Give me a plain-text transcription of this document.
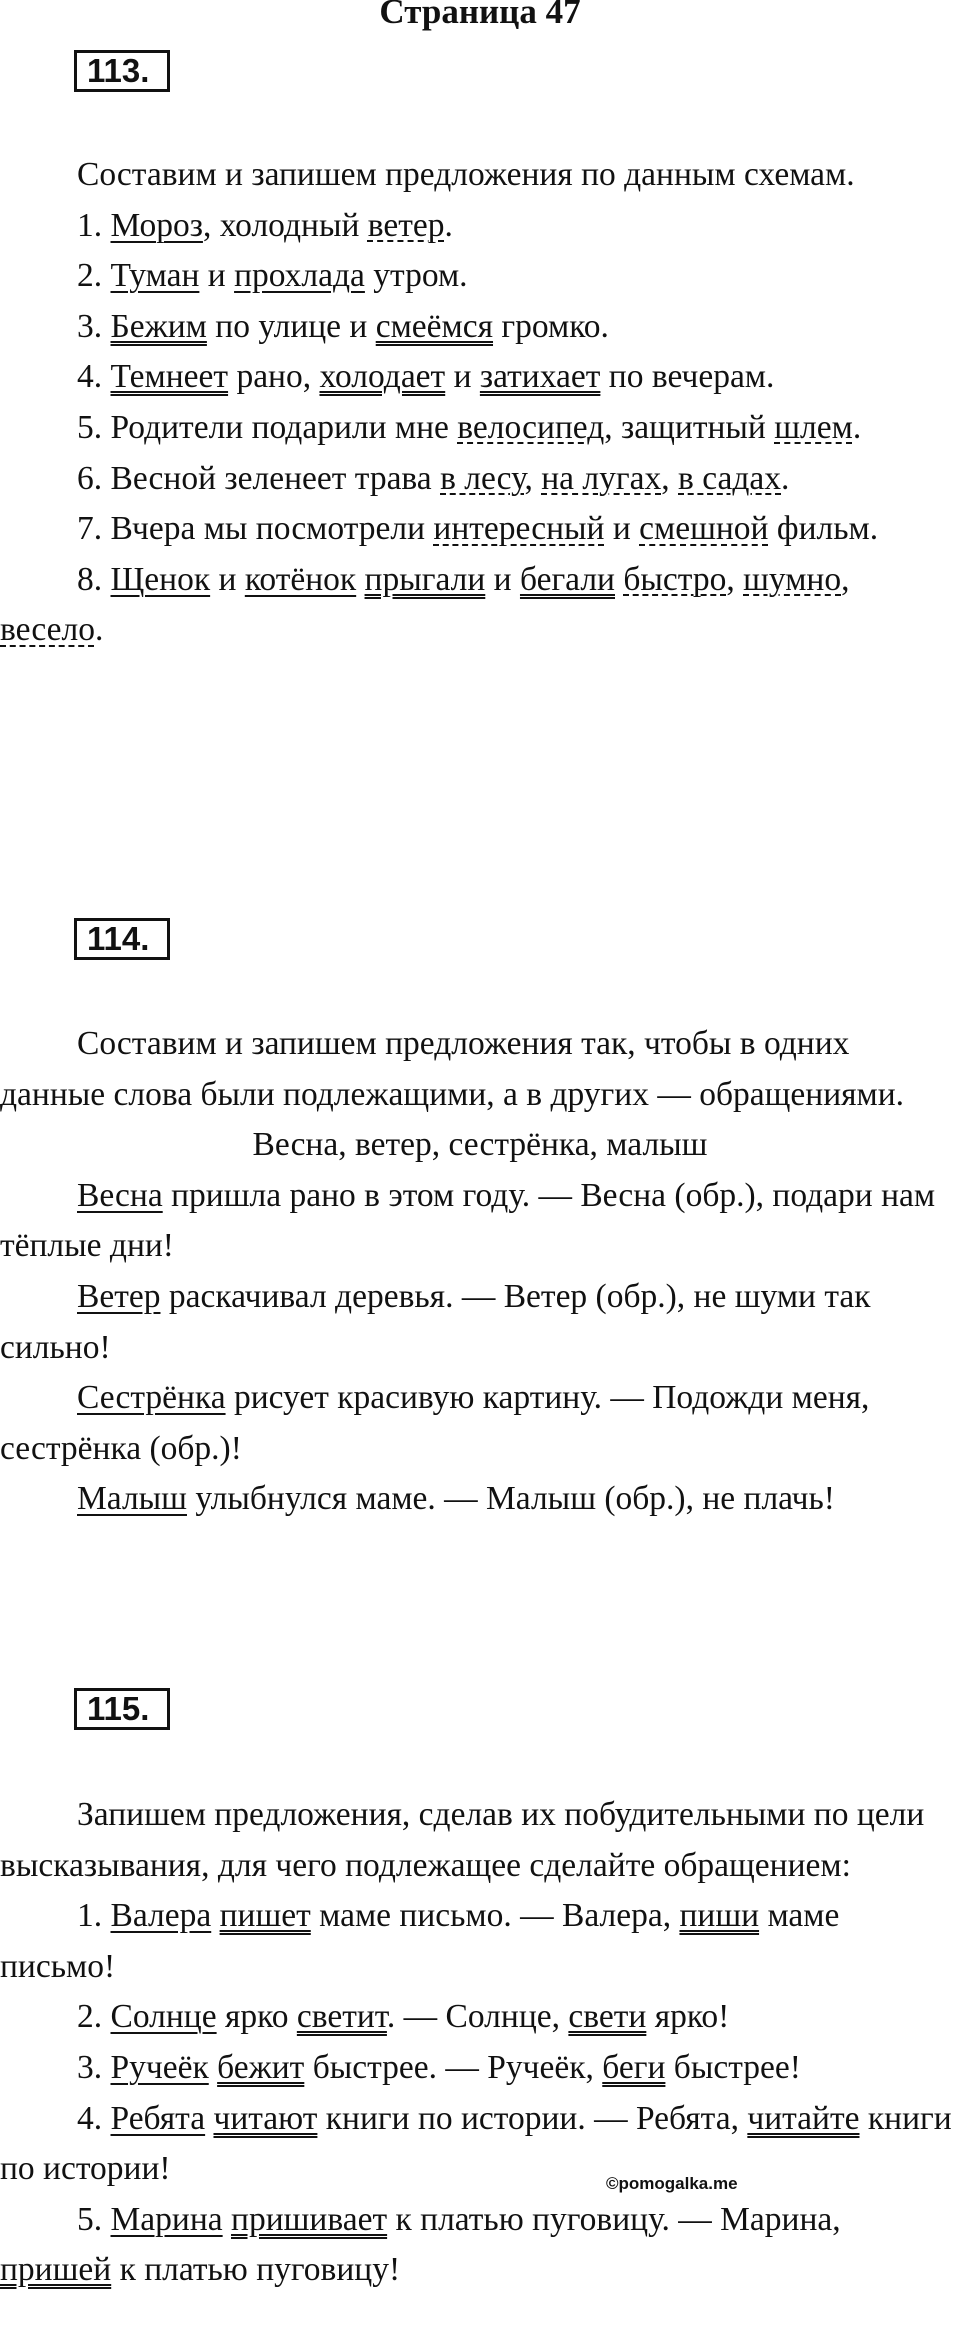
Страница 47
113.

Составим и запишем предложения по данным схемам.

1. Мороз, холодный ветер.

2. Туман и прохлада утром.

3. Бежим по улице и смеёмся громко.

4. Темнеет рано, холодает и затихает по вечерам.

5. Родители подарили мне велосипед, защитный шлем.

6. Весной зеленеет трава в лесу, на лугах, в садах.

7. Вчера мы посмотрели интересный и смешной фильм.

8. Щенок и котёнок прыгали и бегали быстро, шумно, весело.

114.

Составим и запишем предложения так, чтобы в одних данные слова были подлежащими, а в других — обращениями.

Весна, ветер, сестрёнка, малыш

Весна пришла рано в этом году. — Весна (обр.), подари нам тёплые дни!

Ветер раскачивал деревья. — Ветер (обр.), не шуми так сильно!

Сестрёнка рисует красивую картину. — Подожди меня, сестрёнка (обр.)!

Малыш улыбнулся маме. — Малыш (обр.), не плачь!

115.

Запишем предложения, сделав их побудительными по цели высказывания, для чего подлежащее сделайте обращением:

1. Валера пишет маме письмо. — Валера, пиши маме письмо!

2. Солнце ярко светит. — Солнце, свети ярко!

3. Ручеёк бежит быстрее. — Ручеёк, беги быстрее!

4. Ребята читают книги по истории. — Ребята, читайте книги по истории!

5. Марина пришивает к платью пуговицу. — Марина, пришей к платью пуговицу!

©pomogalka.me
